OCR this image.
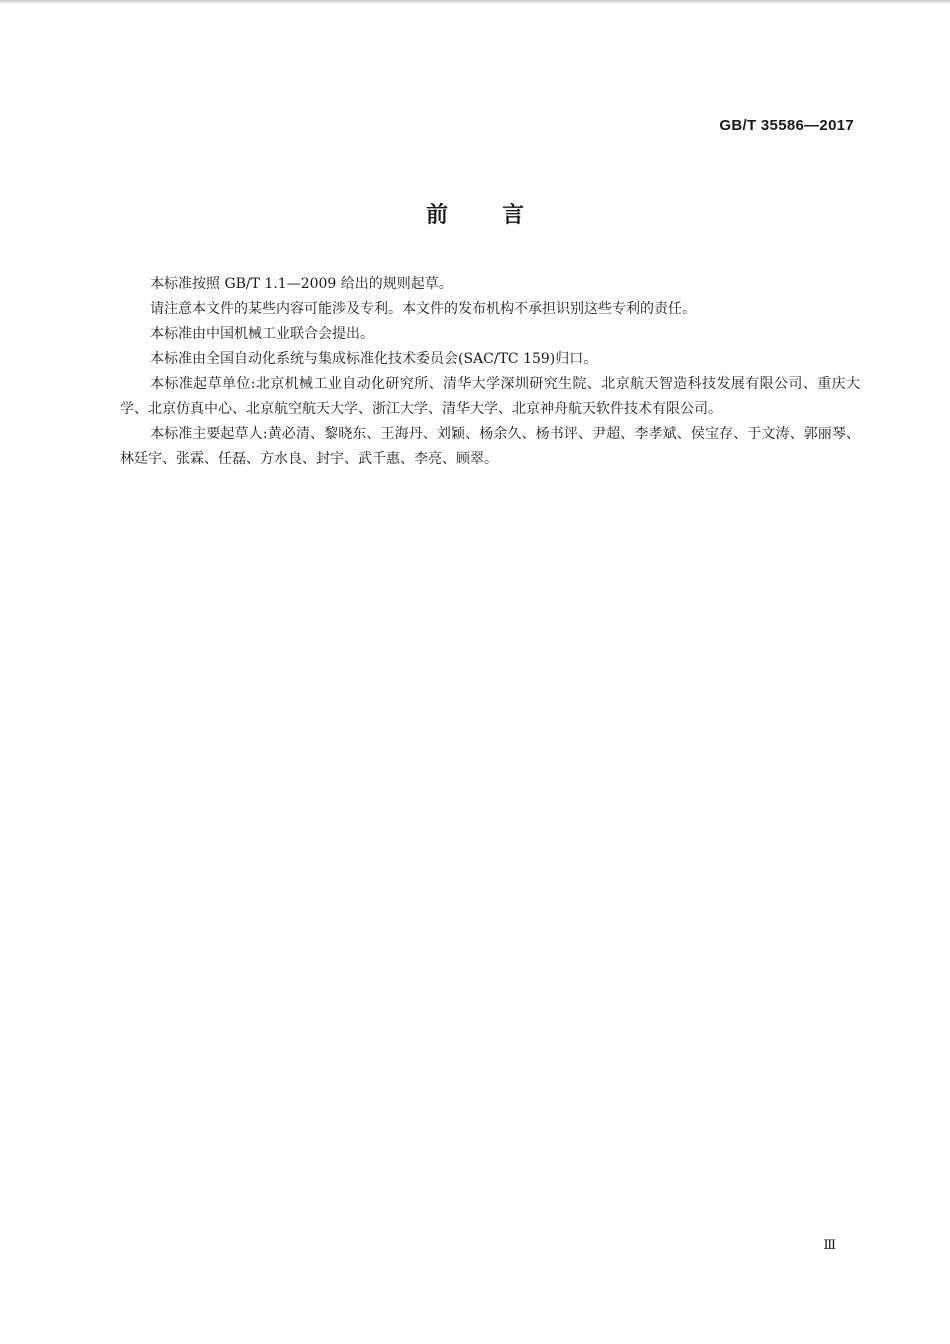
GB/T 35586—2017
前言

本标准按照 GB/T 1.1—2009 给出的规则起草。

请注意本文件的某些内容可能涉及专利。本文件的发布机构不承担识别这些专利的责任。

本标准由中国机械工业联合会提出。

本标准由全国自动化系统与集成标准化技术委员会(SAC/TC 159)归口。

本标准起草单位:北京机械工业自动化研究所、清华大学深圳研究生院、北京航天智造科技发展有限公司、重庆大学、北京仿真中心、北京航空航天大学、浙江大学、清华大学、北京神舟航天软件技术有限公司。

本标准主要起草人:黄必清、黎晓东、王海丹、刘颖、杨余久、杨书评、尹超、李孝斌、侯宝存、于文涛、郭丽琴、林廷宇、张霖、任磊、方水良、封宇、武千惠、李亮、顾翠。

Ⅲ
